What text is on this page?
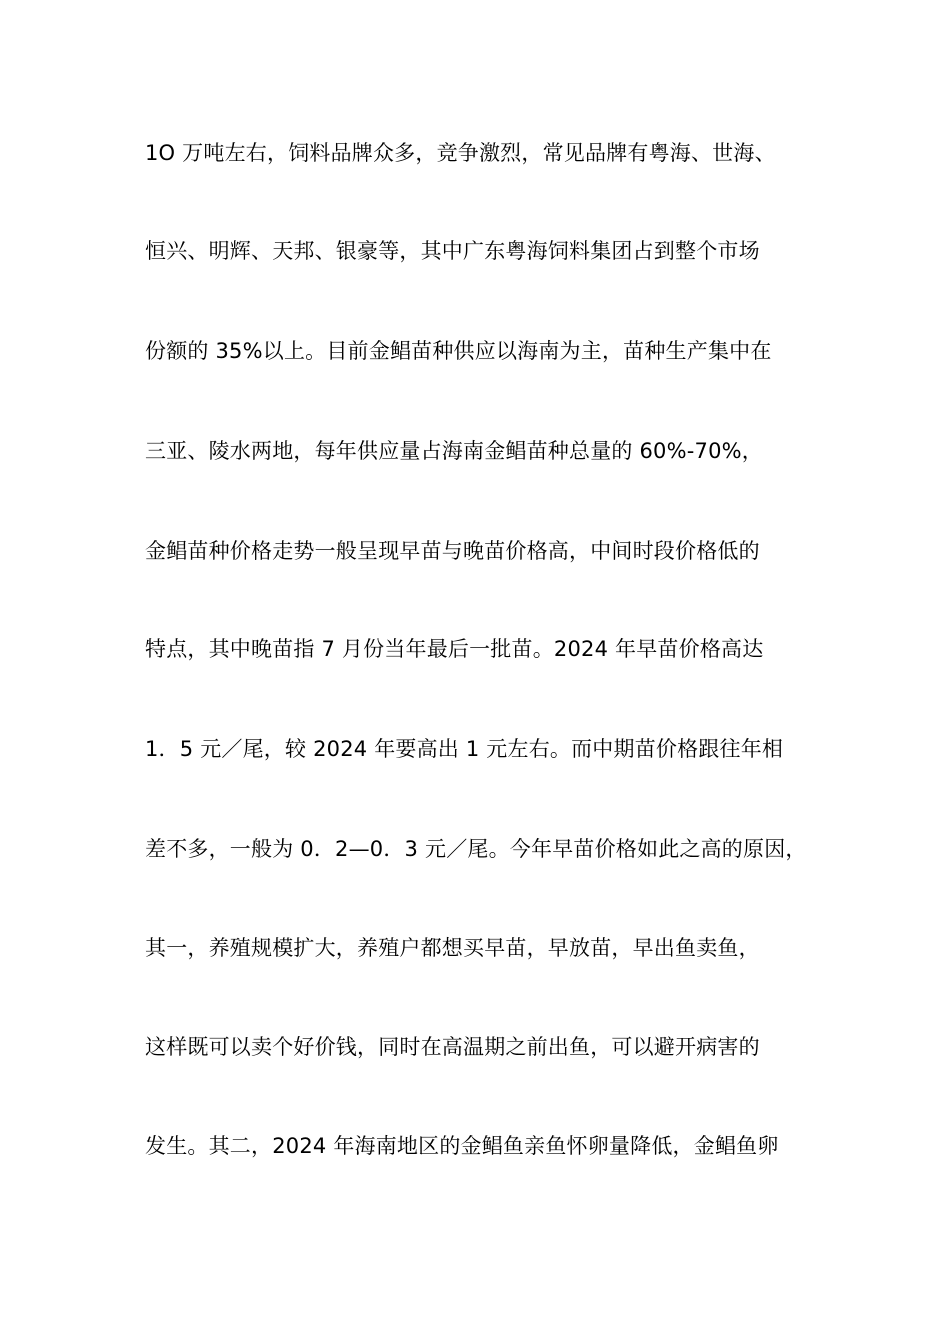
1O 万吨左右，饲料品牌众多，竞争激烈，常见品牌有粤海、世海、
恒兴、明辉、天邦、银豪等，其中广东粤海饲料集团占到整个市场
份额的 35%以上。目前金鲳苗种供应以海南为主，苗种生产集中在
三亚、陵水两地，每年供应量占海南金鲳苗种总量的 60%-70%，
金鲳苗种价格走势一般呈现早苗与晚苗价格高，中间时段价格低的
特点，其中晚苗指 7 月份当年最后一批苗。2024 年早苗价格高达
1．5 元／尾，较 2024 年要高出 1 元左右。而中期苗价格跟往年相
差不多，一般为 0．2—0．3 元／尾。今年早苗价格如此之高的原因，
其一，养殖规模扩大，养殖户都想买早苗，早放苗，早出鱼卖鱼，
这样既可以卖个好价钱，同时在高温期之前出鱼，可以避开病害的
发生。其二，2024 年海南地区的金鲳鱼亲鱼怀卵量降低，金鲳鱼卵
